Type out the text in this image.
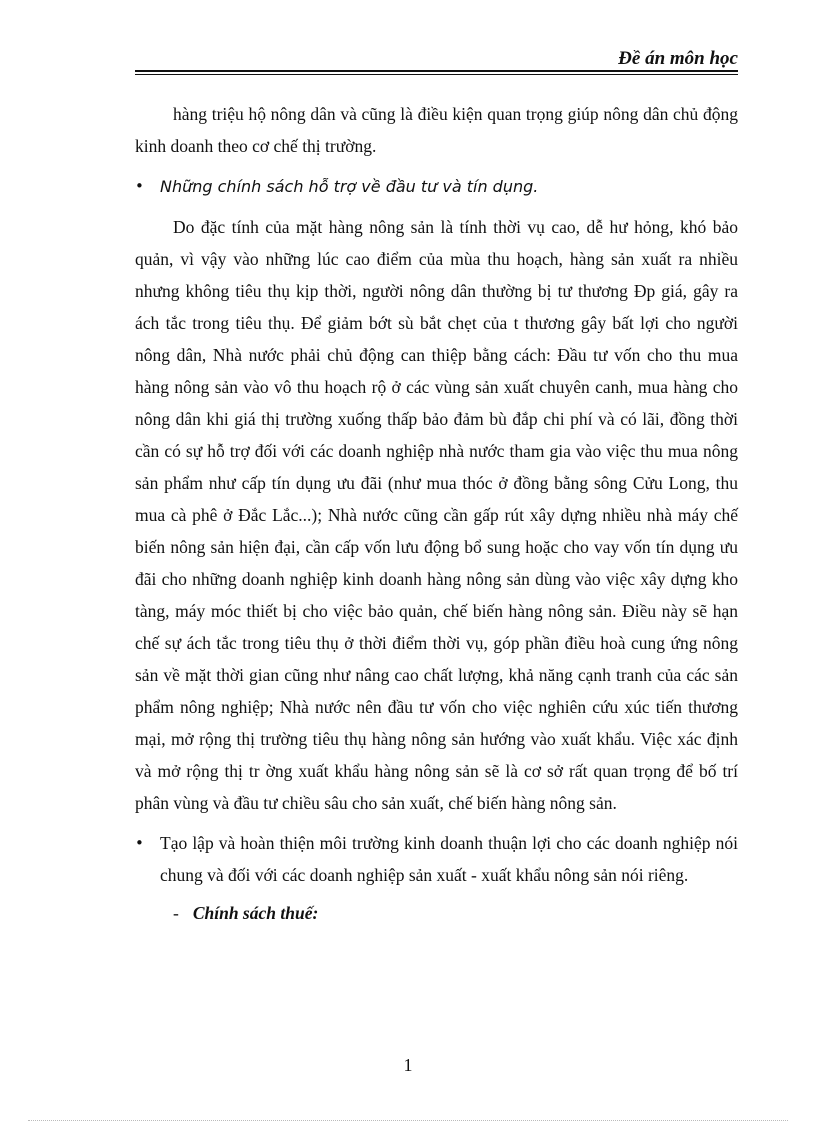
Đề án môn học

hàng triệu hộ nông dân và cũng là điều kiện quan trọng giúp nông dân chủ động kinh doanh theo cơ chế thị trường.

• Những chính sách hỗ trợ về đầu tư và tín dụng.

Do đặc tính của mặt hàng nông sản là tính thời vụ cao, dễ hư hỏng, khó bảo quản, vì vậy vào những lúc cao điểm của mùa thu hoạch, hàng sản xuất ra nhiều nhưng không tiêu thụ kịp thời, người nông dân thường bị tư thương Đp giá, gây ra ách tắc trong tiêu thụ. Để giảm bớt sù bắt chẹt của t thương gây bất lợi cho người nông dân, Nhà nước phải chủ động can thiệp bằng cách: Đầu tư vốn cho thu mua hàng nông sản vào vô thu hoạch rộ ở các vùng sản xuất chuyên canh, mua hàng cho nông dân khi giá thị trường xuống thấp bảo đảm bù đắp chi phí và có lãi, đồng thời cần có sự hỗ trợ đối với các doanh nghiệp nhà nước tham gia vào việc thu mua nông sản phẩm như cấp tín dụng ưu đãi (như mua thóc ở đồng bằng sông Cửu Long, thu mua cà phê ở Đắc Lắc...); Nhà nước cũng cần gấp rút xây dựng nhiều nhà máy chế biến nông sản hiện đại, cần cấp vốn lưu động bổ sung hoặc cho vay vốn tín dụng ưu đãi cho những doanh nghiệp kinh doanh hàng nông sản dùng vào việc xây dựng kho tàng, máy móc thiết bị cho việc bảo quản, chế biến hàng nông sản. Điều này sẽ hạn chế sự ách tắc trong tiêu thụ ở thời điểm thời vụ, góp phần điều hoà cung ứng nông sản về mặt thời gian cũng như nâng cao chất lượng, khả năng cạnh tranh của các sản phẩm nông nghiệp; Nhà nước nên đầu tư vốn cho việc nghiên cứu xúc tiến thương mại, mở rộng thị trường tiêu thụ hàng nông sản hướng vào xuất khẩu. Việc xác định và mở rộng thị tr ờng xuất khẩu hàng nông sản sẽ là cơ sở rất quan trọng để bố trí phân vùng và đầu tư chiều sâu cho sản xuất, chế biến hàng nông sản.

• Tạo lập và hoàn thiện môi trường kinh doanh thuận lợi cho các doanh nghiệp nói chung và đối với các doanh nghiệp sản xuất - xuất khẩu nông sản nói riêng.

- Chính sách thuế:

1
